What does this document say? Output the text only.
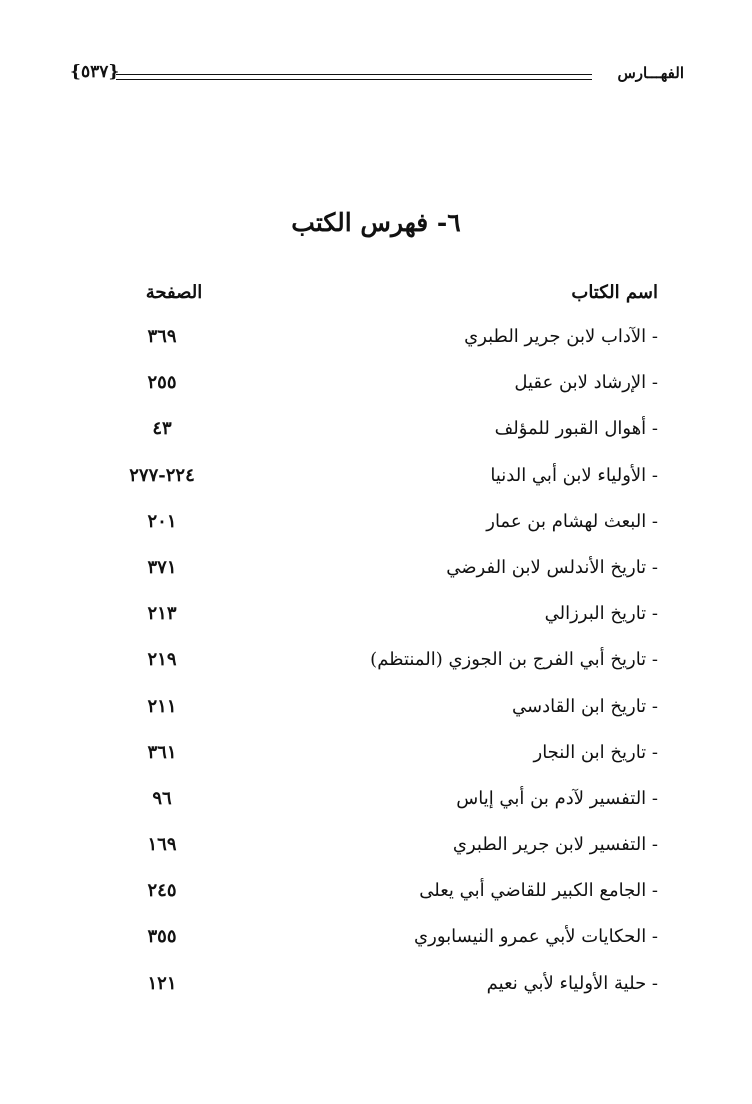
الفهـــارس
{٥٣٧}
٦- فهرس الكتب
اسم الكتاب
الصفحة
- الآداب لابن جرير الطبري
٣٦٩
- الإرشاد لابن عقيل
٢٥٥
- أهوال القبور للمؤلف
٤٣
- الأولياء لابن أبي الدنيا
٢٢٤-٢٧٧
- البعث لهشام بن عمار
٢٠١
- تاريخ الأندلس لابن الفرضي
٣٧١
- تاريخ البرزالي
٢١٣
- تاريخ أبي الفرج بن الجوزي (المنتظم)
٢١٩
- تاريخ ابن القادسي
٢١١
- تاريخ ابن النجار
٣٦١
- التفسير لآدم بن أبي إياس
٩٦
- التفسير لابن جرير الطبري
١٦٩
- الجامع الكبير للقاضي أبي يعلى
٢٤٥
- الحكايات لأبي عمرو النيسابوري
٣٥٥
- حلية الأولياء لأبي نعيم
١٢١
